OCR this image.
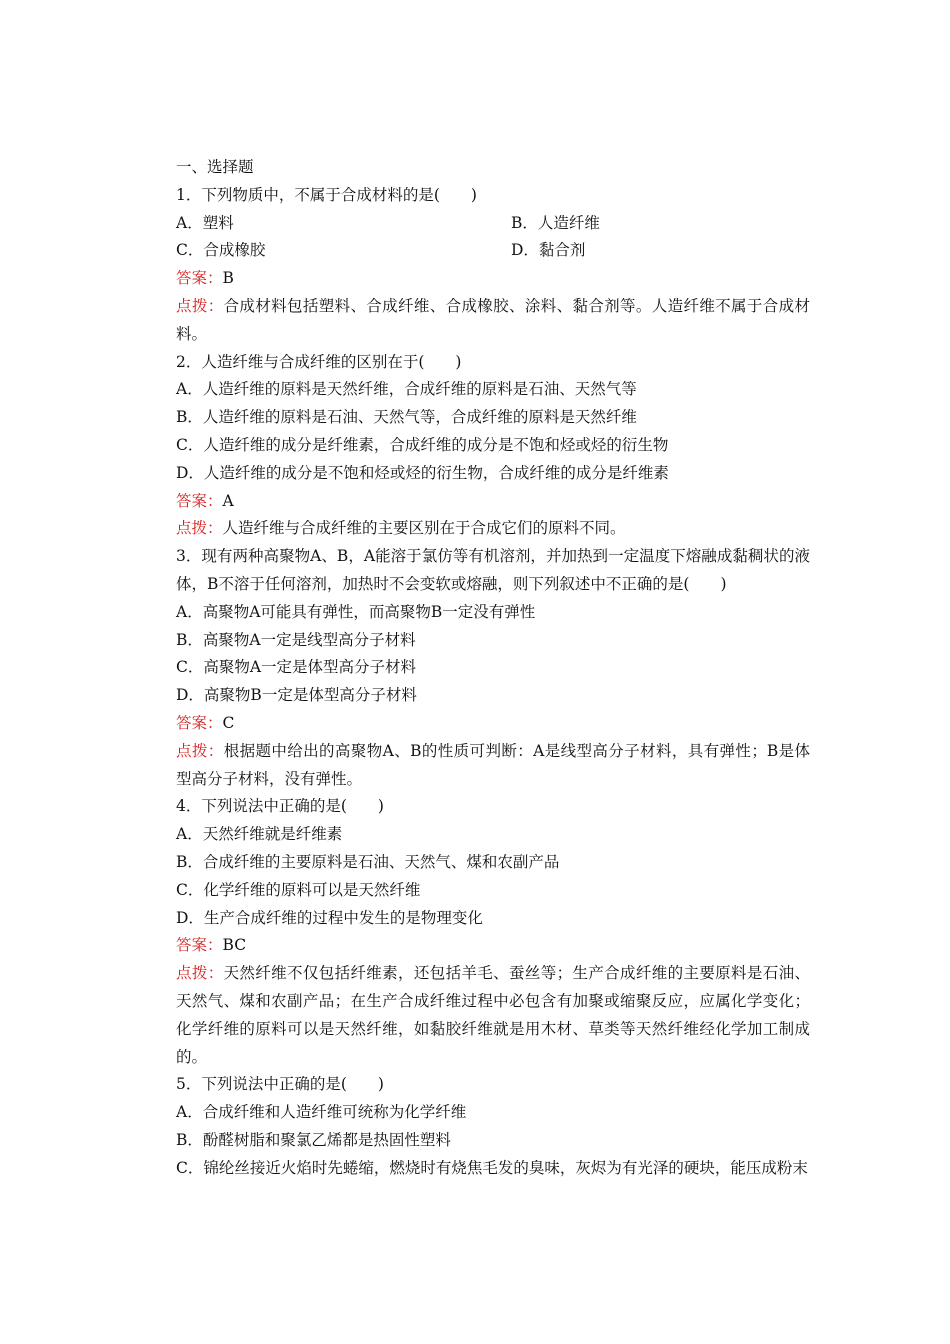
一、选择题
1．下列物质中，不属于合成材料的是(　　)
A．塑料	B．人造纤维
C．合成橡胶	D．黏合剂
答案：B
点拨：合成材料包括塑料、合成纤维、合成橡胶、涂料、黏合剂等。人造纤维不属于合成材料。
2．人造纤维与合成纤维的区别在于(　　)
A．人造纤维的原料是天然纤维，合成纤维的原料是石油、天然气等
B．人造纤维的原料是石油、天然气等，合成纤维的原料是天然纤维
C．人造纤维的成分是纤维素，合成纤维的成分是不饱和烃或烃的衍生物
D．人造纤维的成分是不饱和烃或烃的衍生物，合成纤维的成分是纤维素
答案：A
点拨：人造纤维与合成纤维的主要区别在于合成它们的原料不同。
3．现有两种高聚物A、B，A能溶于氯仿等有机溶剂，并加热到一定温度下熔融成黏稠状的液体，B不溶于任何溶剂，加热时不会变软或熔融，则下列叙述中不正确的是(　　)
A．高聚物A可能具有弹性，而高聚物B一定没有弹性
B．高聚物A一定是线型高分子材料
C．高聚物A一定是体型高分子材料
D．高聚物B一定是体型高分子材料
答案：C
点拨：根据题中给出的高聚物A、B的性质可判断：A是线型高分子材料，具有弹性；B是体型高分子材料，没有弹性。
4．下列说法中正确的是(　　)
A．天然纤维就是纤维素
B．合成纤维的主要原料是石油、天然气、煤和农副产品
C．化学纤维的原料可以是天然纤维
D．生产合成纤维的过程中发生的是物理变化
答案：BC
点拨：天然纤维不仅包括纤维素，还包括羊毛、蚕丝等；生产合成纤维的主要原料是石油、天然气、煤和农副产品；在生产合成纤维过程中必包含有加聚或缩聚反应，应属化学变化；化学纤维的原料可以是天然纤维，如黏胶纤维就是用木材、草类等天然纤维经化学加工制成的。
5．下列说法中正确的是(　　)
A．合成纤维和人造纤维可统称为化学纤维
B．酚醛树脂和聚氯乙烯都是热固性塑料
C．锦纶丝接近火焰时先蜷缩，燃烧时有烧焦毛发的臭味，灰烬为有光泽的硬块，能压成粉末
